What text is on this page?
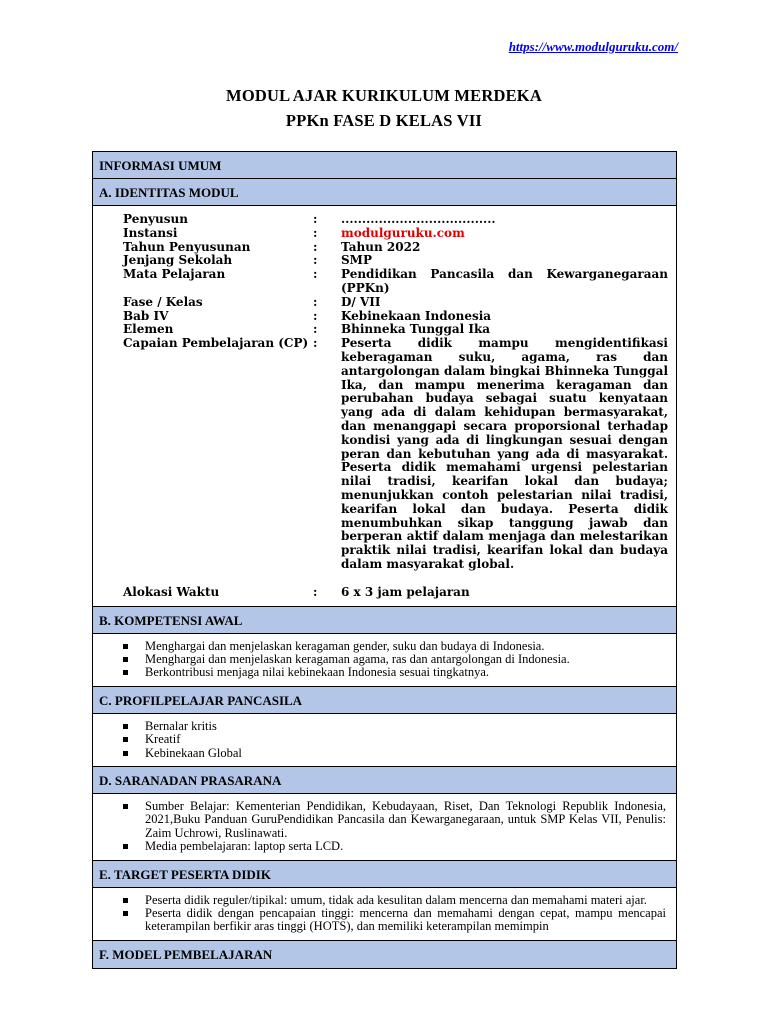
https://www.modulguruku.com/
MODUL AJAR KURIKULUM MERDEKA
PPKn FASE D KELAS VII
INFORMASI UMUM
A. IDENTITAS MODUL
Penyusun	:	.....................................
Instansi	:	modulguruku.com
Tahun Penyusunan	:	Tahun 2022
Jenjang Sekolah	:	SMP
Mata Pelajaran	:	Pendidikan Pancasila dan Kewarganegaraan (PPKn)
Fase / Kelas	:	D/ VII
Bab IV	:	Kebinekaan Indonesia
Elemen	:	Bhinneka Tunggal Ika
Capaian Pembelajaran (CP) :	Peserta didik mampu mengidentifikasi keberagaman suku, agama, ras dan antargolongan dalam bingkai Bhinneka Tunggal Ika, dan mampu menerima keragaman dan perubahan budaya sebagai suatu kenyataan yang ada di dalam kehidupan bermasyarakat, dan menanggapi secara proporsional terhadap kondisi yang ada di lingkungan sesuai dengan peran dan kebutuhan yang ada di masyarakat. Peserta didik memahami urgensi pelestarian nilai tradisi, kearifan lokal dan budaya; menunjukkan contoh pelestarian nilai tradisi, kearifan lokal dan budaya. Peserta didik menumbuhkan sikap tanggung jawab dan berperan aktif dalam menjaga dan melestarikan praktik nilai tradisi, kearifan lokal dan budaya dalam masyarakat global.
Alokasi Waktu	:	6 x 3 jam pelajaran
B. KOMPETENSI AWAL
Menghargai dan menjelaskan keragaman gender, suku dan budaya di Indonesia.
Menghargai dan menjelaskan keragaman agama, ras dan antargolongan di Indonesia.
Berkontribusi menjaga nilai kebinekaan Indonesia sesuai tingkatnya.
C. PROFILPELAJAR PANCASILA
Bernalar kritis
Kreatif
Kebinekaan Global
D. SARANADAN PRASARANA
Sumber Belajar: Kementerian Pendidikan, Kebudayaan, Riset, Dan Teknologi Republik Indonesia, 2021,Buku Panduan GuruPendidikan Pancasila dan Kewarganegaraan, untuk SMP Kelas VII, Penulis: Zaim Uchrowi, Ruslinawati.
Media pembelajaran: laptop serta LCD.
E. TARGET PESERTA DIDIK
Peserta didik reguler/tipikal: umum, tidak ada kesulitan dalam mencerna dan memahami materi ajar.
Peserta didik dengan pencapaian tinggi: mencerna dan memahami dengan cepat, mampu mencapai keterampilan berfikir aras tinggi (HOTS), dan memiliki keterampilan memimpin
F. MODEL PEMBELAJARAN
